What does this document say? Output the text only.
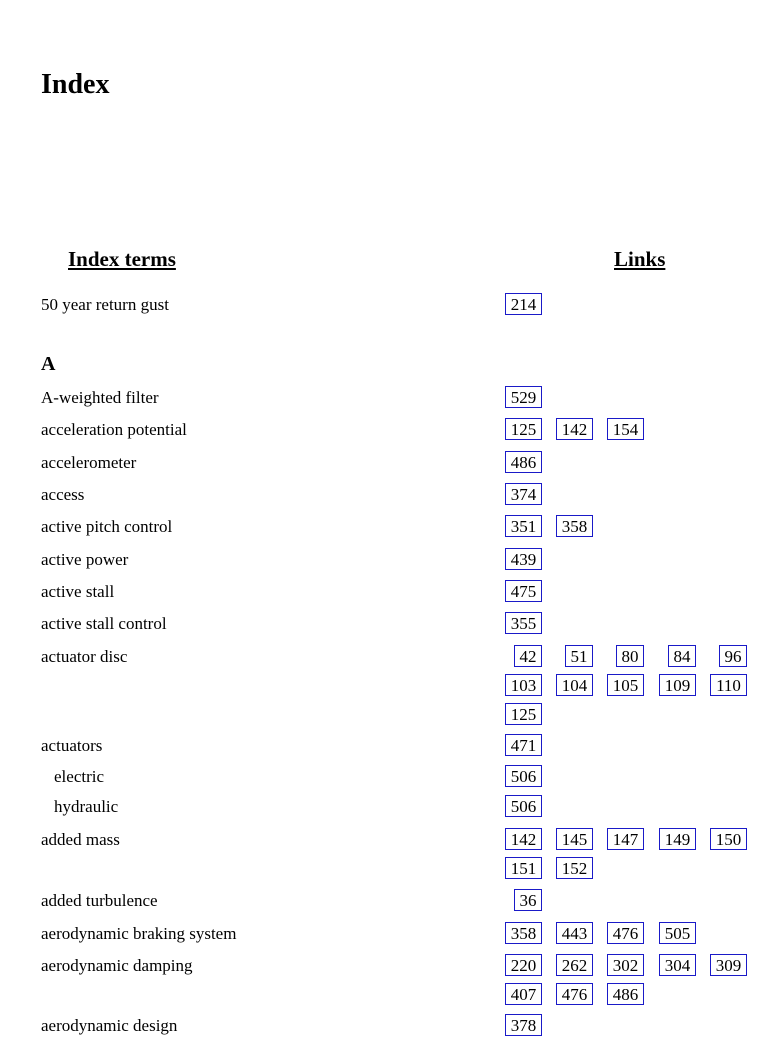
Index
Index terms	Links
50 year return gust	214
A
A-weighted filter	529
acceleration potential	125	142	154
accelerometer	486
access	374
active pitch control	351	358
active power	439
active stall	475
active stall control	355
actuator disc	42	51	80	84	96
103	104	105	109	110
125
actuators	471
electric	506
hydraulic	506
added mass	142	145	147	149	150
151	152
added turbulence	36
aerodynamic braking system	358	443	476	505
aerodynamic damping	220	262	302	304	309
407	476	486
aerodynamic design	378
